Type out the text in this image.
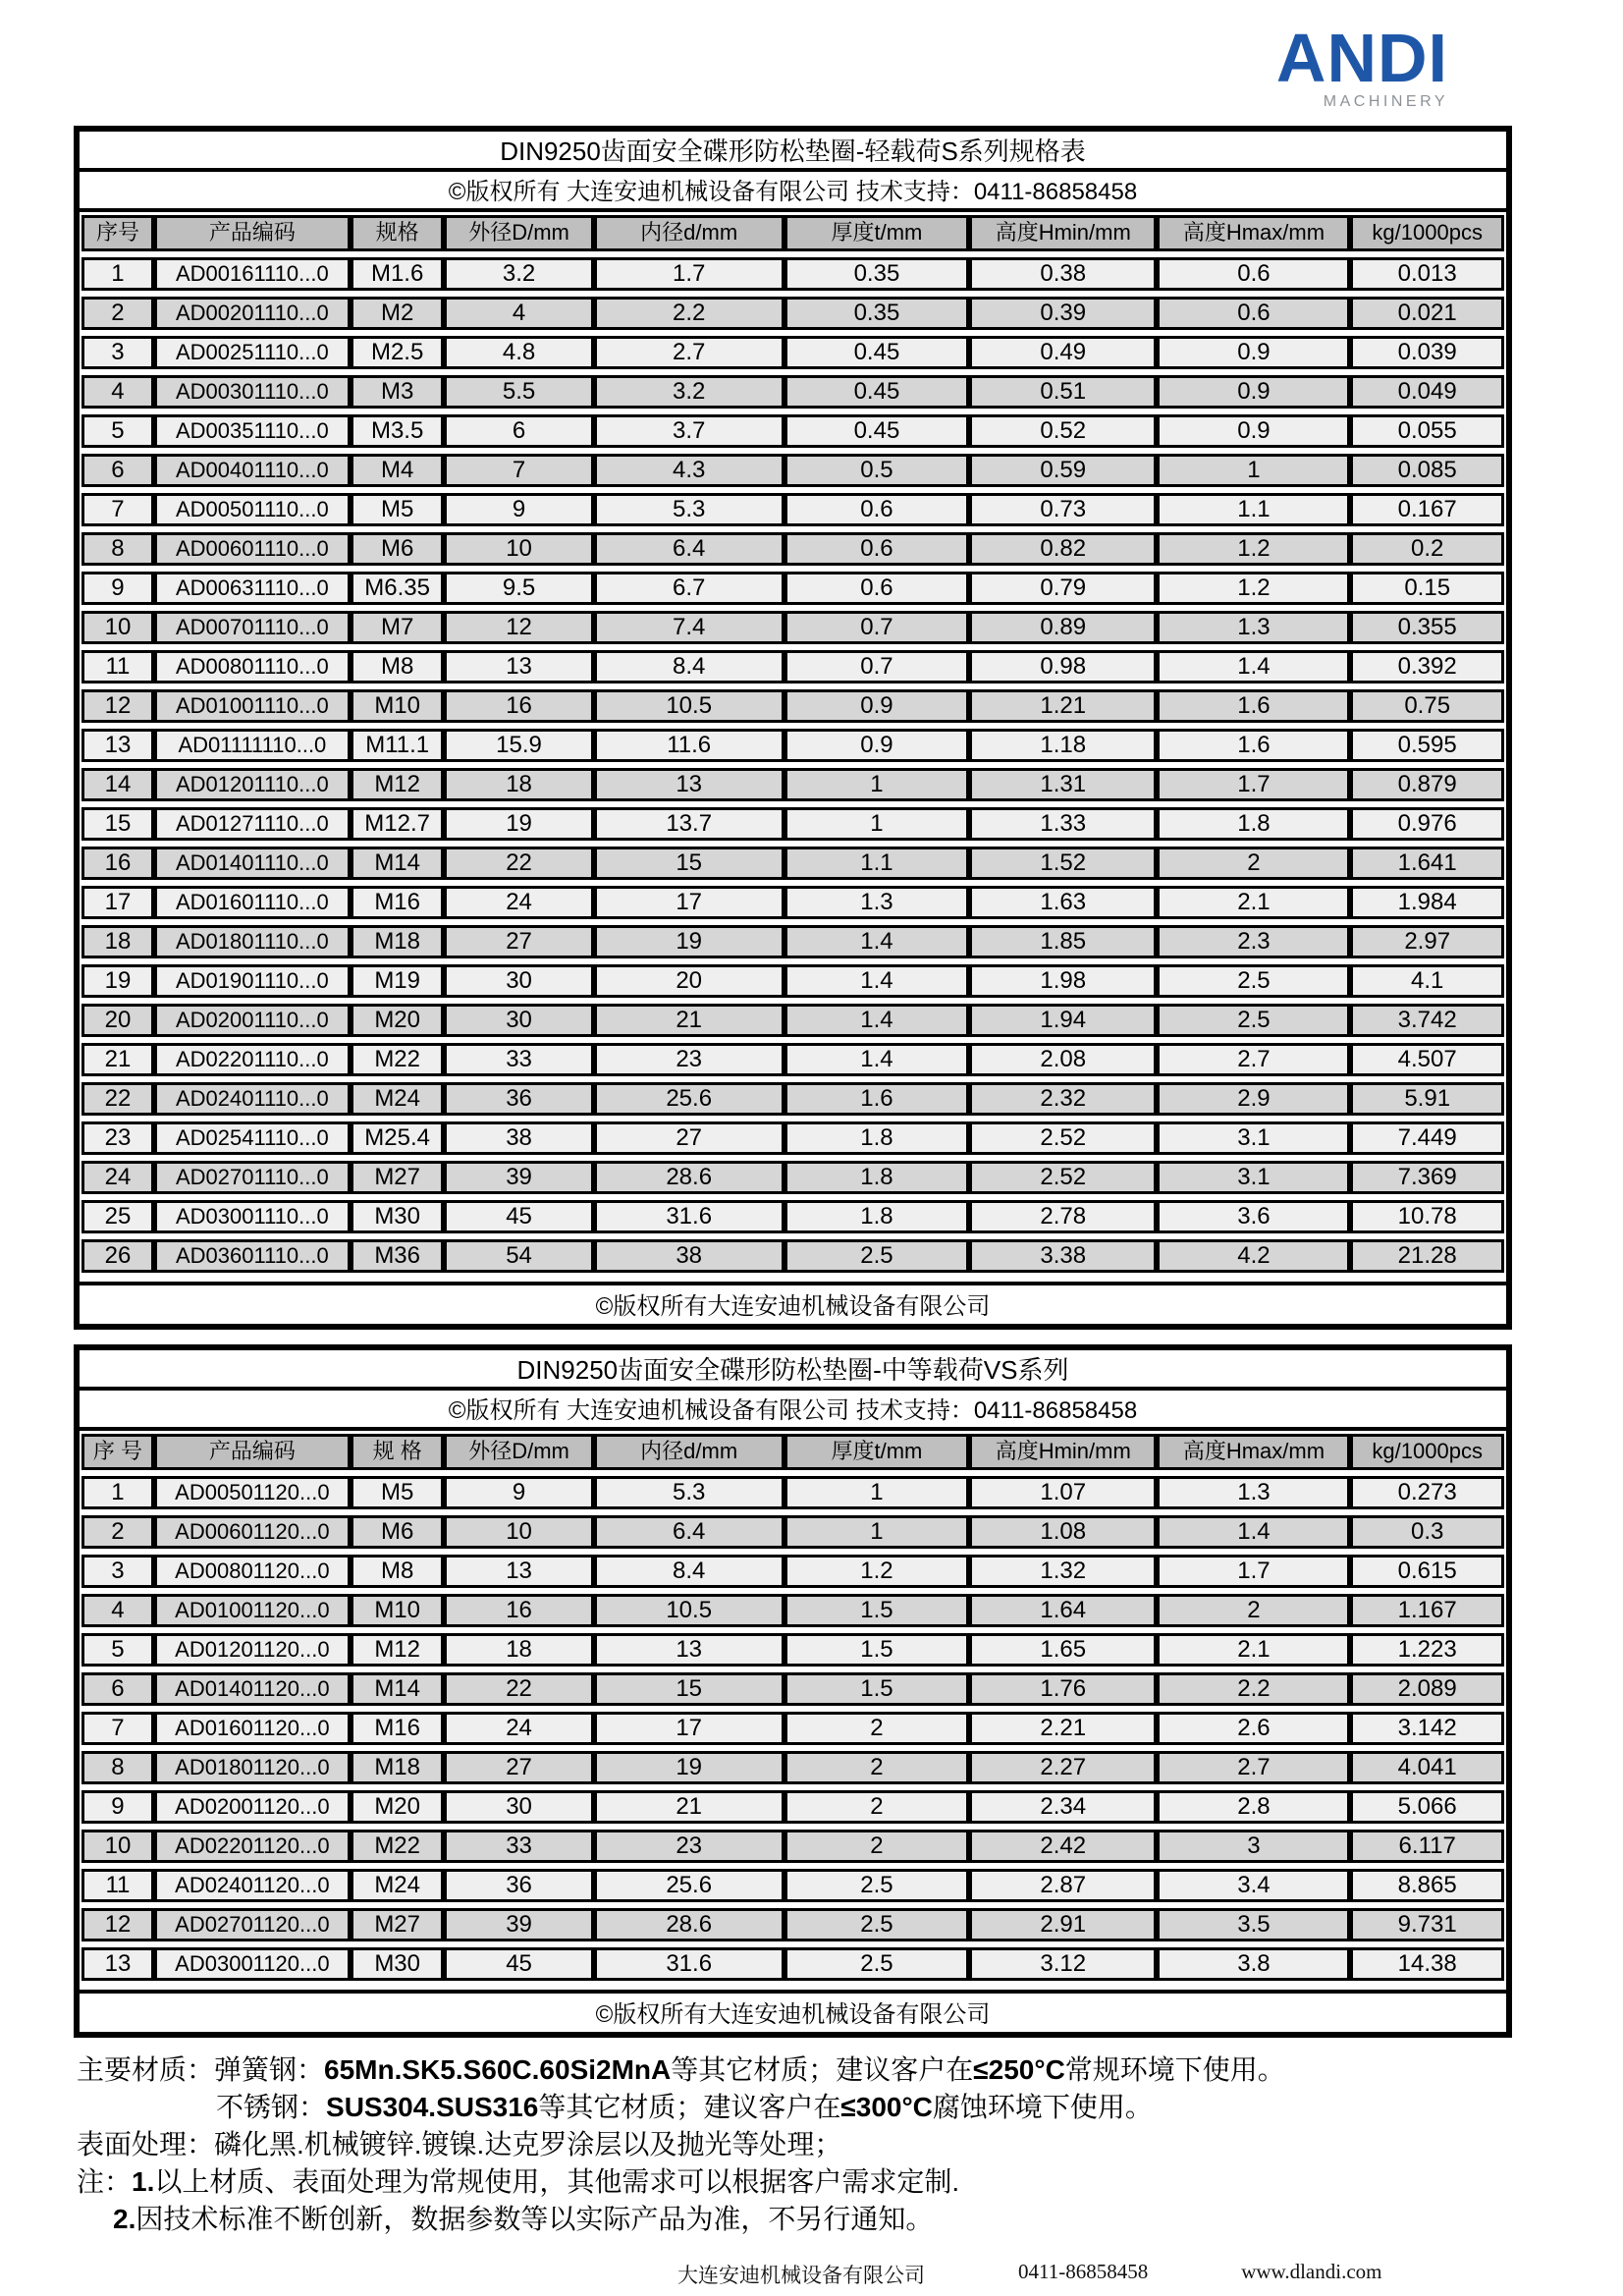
ANDI
MACHINERY
DIN9250齿面安全碟形防松垫圈-轻载荷S系列规格表
©版权所有 大连安迪机械设备有限公司 技术支持：0411-86858458
序号	产品编码	规格	外径D/mm	内径d/mm	厚度t/mm	高度Hmin/mm	高度Hmax/mm	kg/1000pcs
1	AD00161110...0	M1.6	3.2	1.7	0.35	0.38	0.6	0.013
2	AD00201110...0	M2	4	2.2	0.35	0.39	0.6	0.021
3	AD00251110...0	M2.5	4.8	2.7	0.45	0.49	0.9	0.039
4	AD00301110...0	M3	5.5	3.2	0.45	0.51	0.9	0.049
5	AD00351110...0	M3.5	6	3.7	0.45	0.52	0.9	0.055
6	AD00401110...0	M4	7	4.3	0.5	0.59	1	0.085
7	AD00501110...0	M5	9	5.3	0.6	0.73	1.1	0.167
8	AD00601110...0	M6	10	6.4	0.6	0.82	1.2	0.2
9	AD00631110...0	M6.35	9.5	6.7	0.6	0.79	1.2	0.15
10	AD00701110...0	M7	12	7.4	0.7	0.89	1.3	0.355
11	AD00801110...0	M8	13	8.4	0.7	0.98	1.4	0.392
12	AD01001110...0	M10	16	10.5	0.9	1.21	1.6	0.75
13	AD01111110...0	M11.1	15.9	11.6	0.9	1.18	1.6	0.595
14	AD01201110...0	M12	18	13	1	1.31	1.7	0.879
15	AD01271110...0	M12.7	19	13.7	1	1.33	1.8	0.976
16	AD01401110...0	M14	22	15	1.1	1.52	2	1.641
17	AD01601110...0	M16	24	17	1.3	1.63	2.1	1.984
18	AD01801110...0	M18	27	19	1.4	1.85	2.3	2.97
19	AD01901110...0	M19	30	20	1.4	1.98	2.5	4.1
20	AD02001110...0	M20	30	21	1.4	1.94	2.5	3.742
21	AD02201110...0	M22	33	23	1.4	2.08	2.7	4.507
22	AD02401110...0	M24	36	25.6	1.6	2.32	2.9	5.91
23	AD02541110...0	M25.4	38	27	1.8	2.52	3.1	7.449
24	AD02701110...0	M27	39	28.6	1.8	2.52	3.1	7.369
25	AD03001110...0	M30	45	31.6	1.8	2.78	3.6	10.78
26	AD03601110...0	M36	54	38	2.5	3.38	4.2	21.28
©版权所有大连安迪机械设备有限公司
DIN9250齿面安全碟形防松垫圈-中等载荷VS系列
©版权所有 大连安迪机械设备有限公司 技术支持：0411-86858458
序 号	产品编码	规 格	外径D/mm	内径d/mm	厚度t/mm	高度Hmin/mm	高度Hmax/mm	kg/1000pcs
1	AD00501120...0	M5	9	5.3	1	1.07	1.3	0.273
2	AD00601120...0	M6	10	6.4	1	1.08	1.4	0.3
3	AD00801120...0	M8	13	8.4	1.2	1.32	1.7	0.615
4	AD01001120...0	M10	16	10.5	1.5	1.64	2	1.167
5	AD01201120...0	M12	18	13	1.5	1.65	2.1	1.223
6	AD01401120...0	M14	22	15	1.5	1.76	2.2	2.089
7	AD01601120...0	M16	24	17	2	2.21	2.6	3.142
8	AD01801120...0	M18	27	19	2	2.27	2.7	4.041
9	AD02001120...0	M20	30	21	2	2.34	2.8	5.066
10	AD02201120...0	M22	33	23	2	2.42	3	6.117
11	AD02401120...0	M24	36	25.6	2.5	2.87	3.4	8.865
12	AD02701120...0	M27	39	28.6	2.5	2.91	3.5	9.731
13	AD03001120...0	M30	45	31.6	2.5	3.12	3.8	14.38
©版权所有大连安迪机械设备有限公司
主要材质：弹簧钢：65Mn.SK5.S60C.60Si2MnA等其它材质；建议客户在≤250°C常规环境下使用。
不锈钢：SUS304.SUS316等其它材质；建议客户在≤300°C腐蚀环境下使用。
表面处理：磷化黑.机械镀锌.镀镍.达克罗涂层以及抛光等处理；
注：1.以上材质、表面处理为常规使用，其他需求可以根据客户需求定制.
2.因技术标准不断创新，数据参数等以实际产品为准，不另行通知。
大连安迪机械设备有限公司	0411-86858458	www.dlandi.com
